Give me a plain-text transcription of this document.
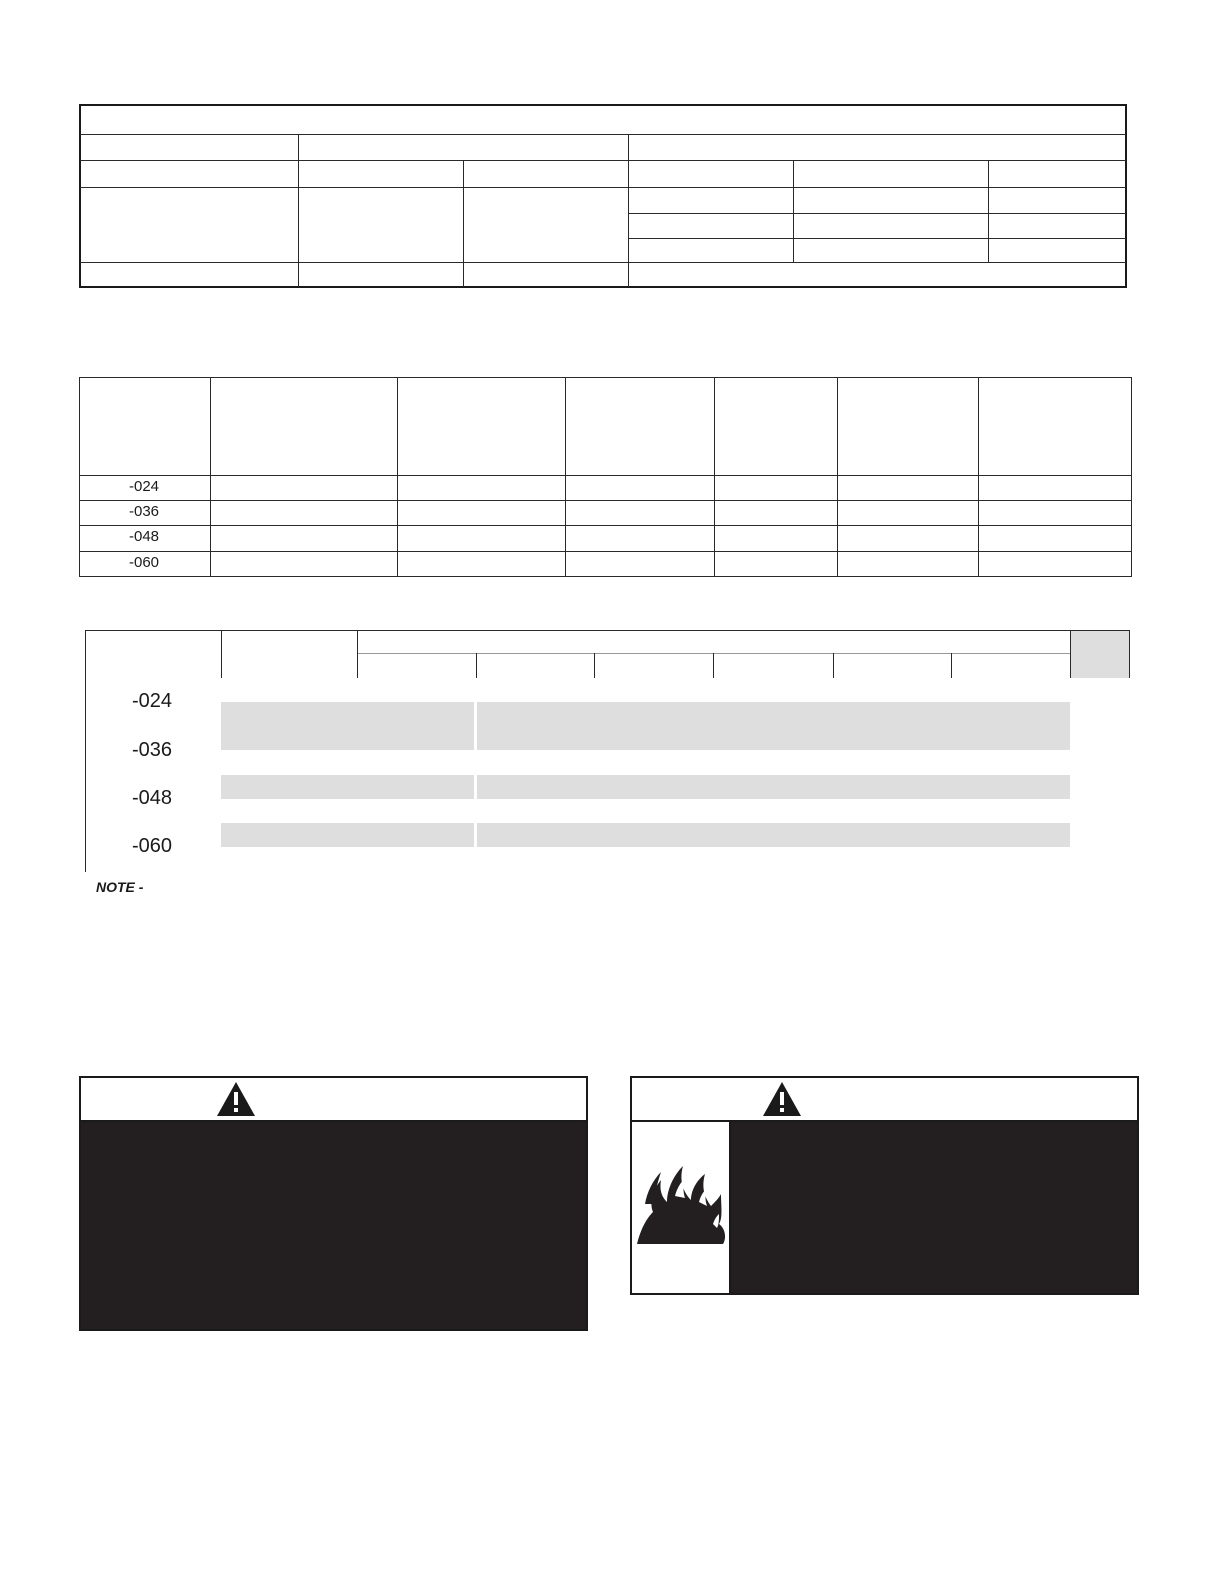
-024
-036
-048
-060
-024
-036
-048
-060
NOTE -
